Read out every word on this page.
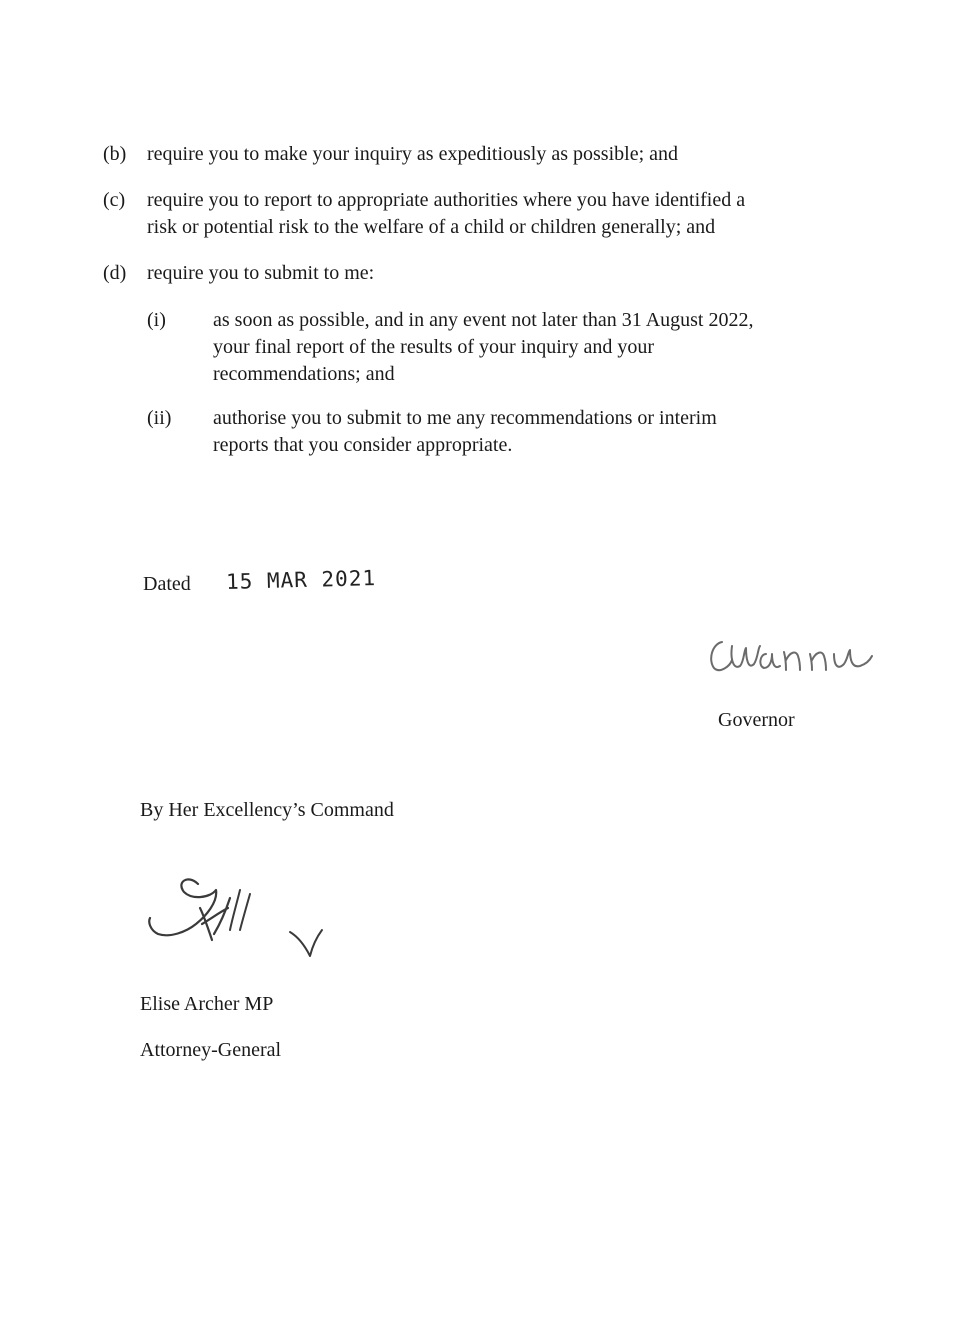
(b) require you to make your inquiry as expeditiously as possible; and
(c) require you to report to appropriate authorities where you have identified a
risk or potential risk to the welfare of a child or children generally; and
(d) require you to submit to me:
(i) as soon as possible, and in any event not later than 31 August 2022,
your final report of the results of your inquiry and your
recommendations; and
(ii) authorise you to submit to me any recommendations or interim
reports that you consider appropriate.
Dated 15 MAR 2021
Governor
By Her Excellency’s Command
Elise Archer MP
Attorney-General
